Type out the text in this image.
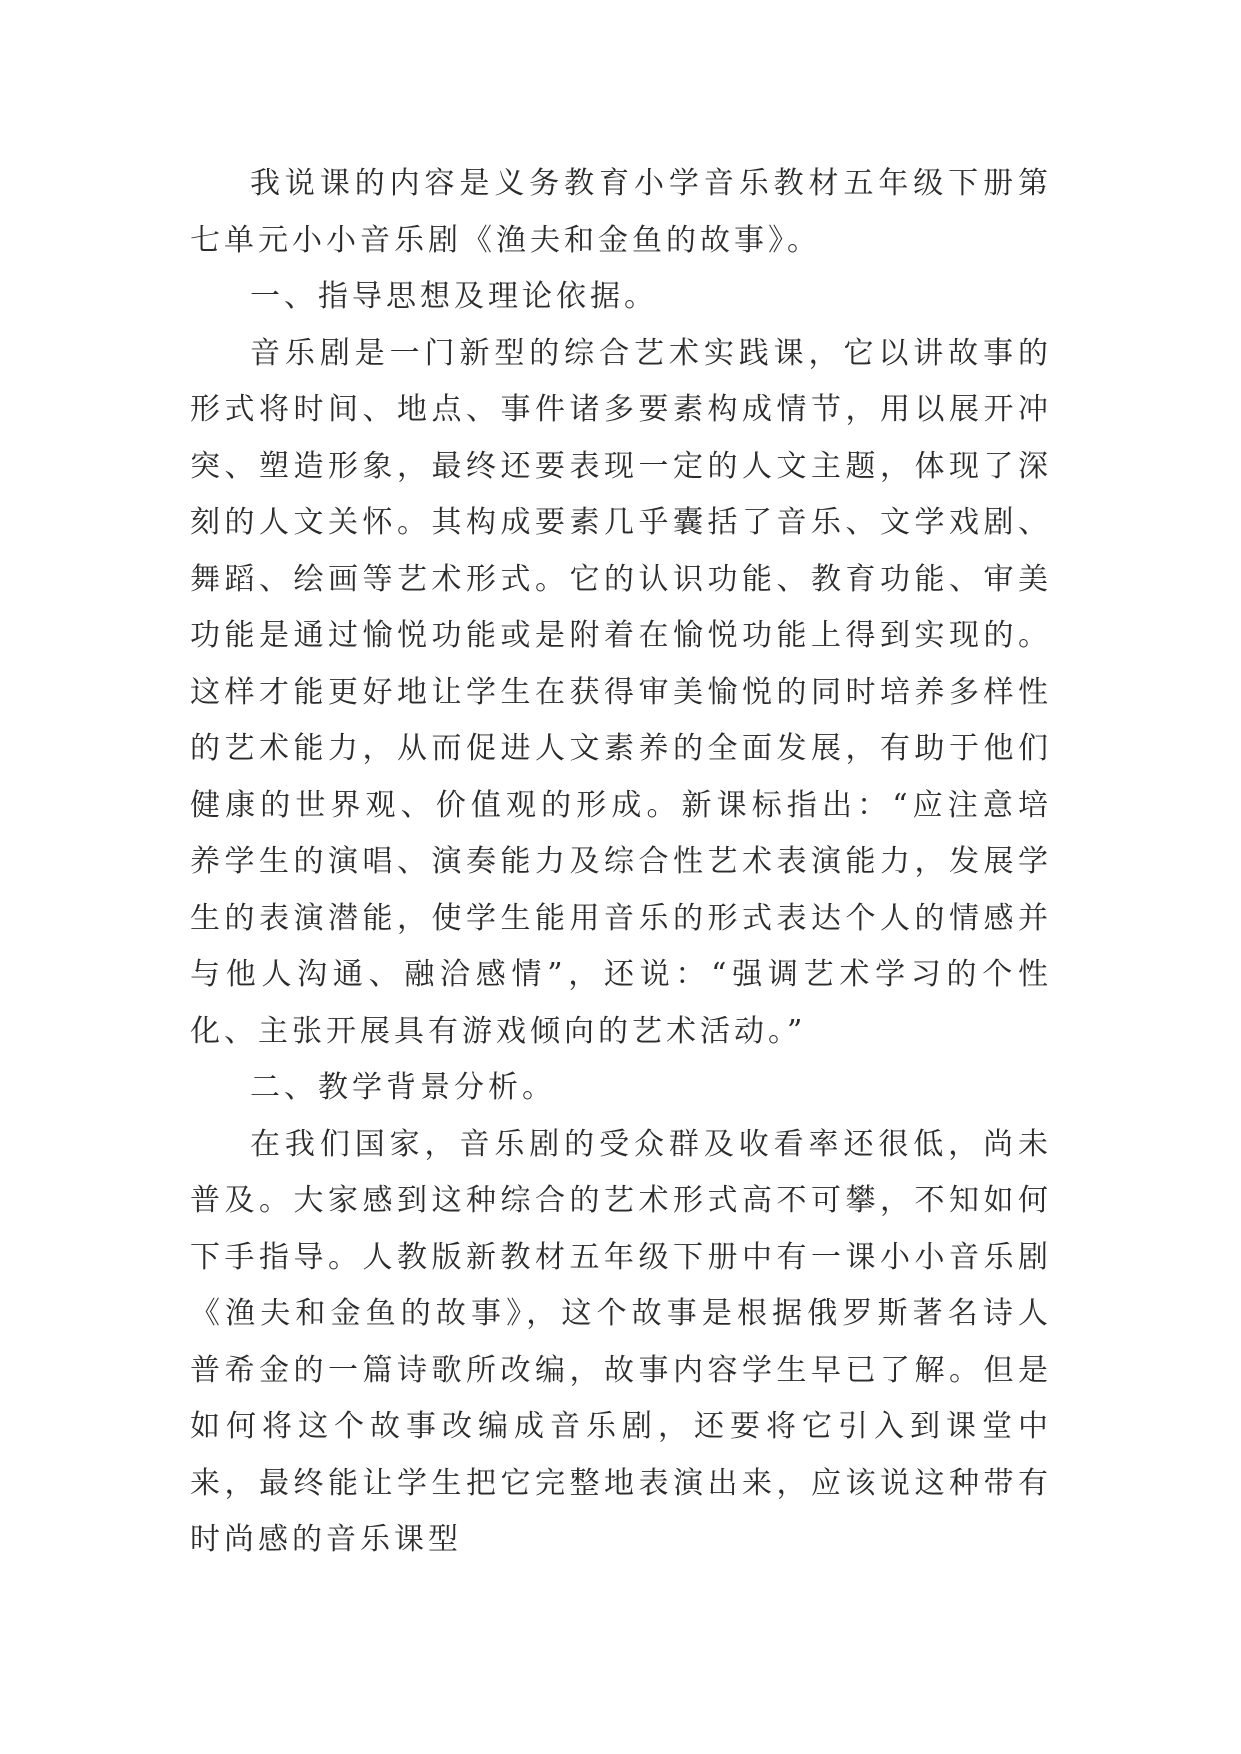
我说课的内容是义务教育小学音乐教材五年级下册第七单元小小音乐剧《渔夫和金鱼的故事》。

一、指导思想及理论依据。

音乐剧是一门新型的综合艺术实践课，它以讲故事的形式将时间、地点、事件诸多要素构成情节，用以展开冲突、塑造形象，最终还要表现一定的人文主题，体现了深刻的人文关怀。其构成要素几乎囊括了音乐、文学戏剧、舞蹈、绘画等艺术形式。它的认识功能、教育功能、审美功能是通过愉悦功能或是附着在愉悦功能上得到实现的。这样才能更好地让学生在获得审美愉悦的同时培养多样性的艺术能力，从而促进人文素养的全面发展，有助于他们健康的世界观、价值观的形成。新课标指出：“应注意培养学生的演唱、演奏能力及综合性艺术表演能力，发展学生的表演潜能，使学生能用音乐的形式表达个人的情感并与他人沟通、融洽感情”，还说：“强调艺术学习的个性化、主张开展具有游戏倾向的艺术活动。”

二、教学背景分析。

在我们国家，音乐剧的受众群及收看率还很低，尚未普及。大家感到这种综合的艺术形式高不可攀，不知如何下手指导。人教版新教材五年级下册中有一课小小音乐剧《渔夫和金鱼的故事》，这个故事是根据俄罗斯著名诗人普希金的一篇诗歌所改编，故事内容学生早已了解。但是如何将这个故事改编成音乐剧，还要将它引入到课堂中来，最终能让学生把它完整地表演出来，应该说这种带有时尚感的音乐课型
